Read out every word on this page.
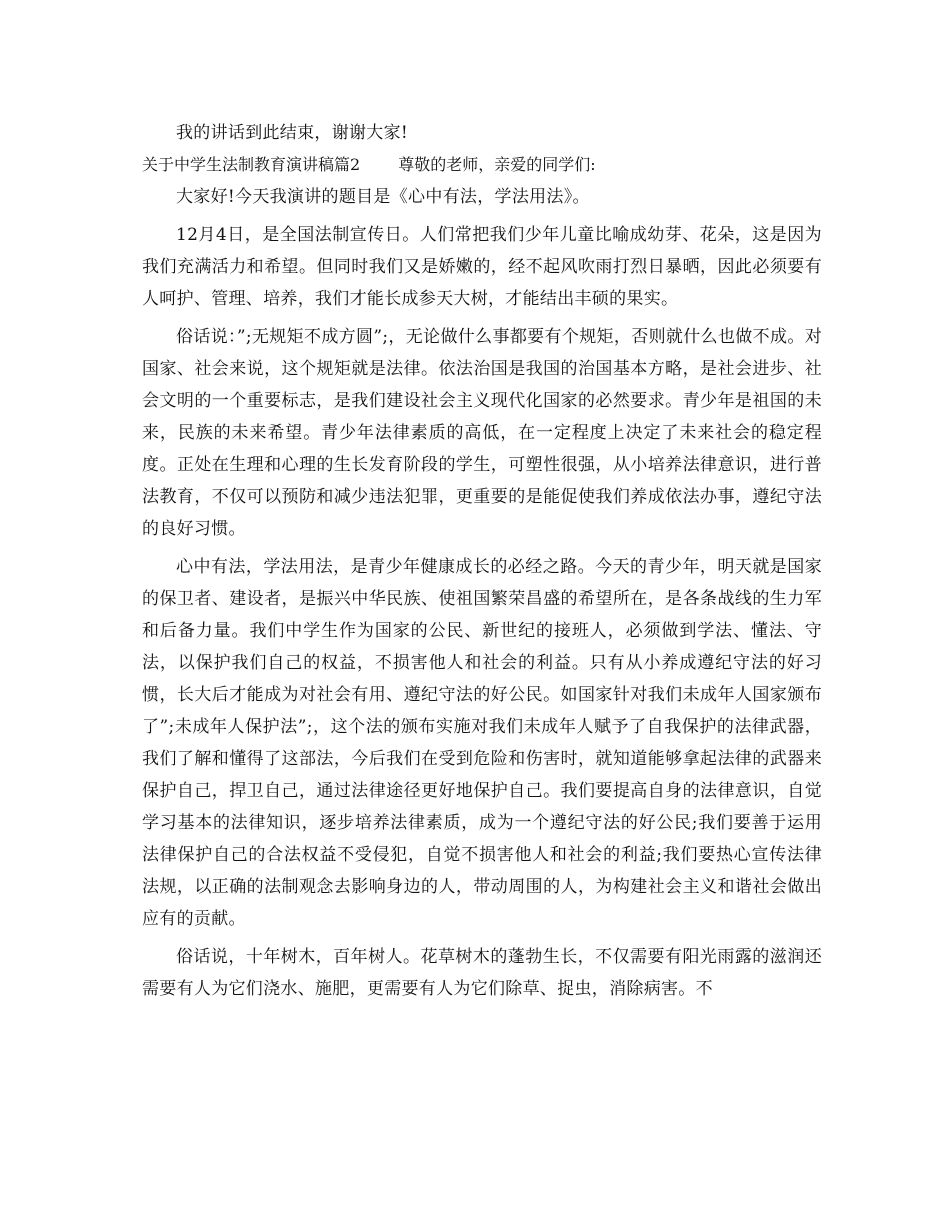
我的讲话到此结束，谢谢大家!

关于中学生法制教育演讲稿篇2 尊敬的老师，亲爱的同学们:

大家好!今天我演讲的题目是《心中有法，学法用法》。

12月4日，是全国法制宣传日。人们常把我们少年儿童比喻成幼芽、花朵，这是因为我们充满活力和希望。但同时我们又是娇嫩的，经不起风吹雨打烈日暴晒，因此必须要有人呵护、管理、培养，我们才能长成参天大树，才能结出丰硕的果实。

俗话说：”;无规矩不成方圆”;，无论做什么事都要有个规矩，否则就什么也做不成。对国家、社会来说，这个规矩就是法律。依法治国是我国的治国基本方略，是社会进步、社会文明的一个重要标志，是我们建设社会主义现代化国家的必然要求。青少年是祖国的未来，民族的未来希望。青少年法律素质的高低，在一定程度上决定了未来社会的稳定程度。正处在生理和心理的生长发育阶段的学生，可塑性很强，从小培养法律意识，进行普法教育，不仅可以预防和减少违法犯罪，更重要的是能促使我们养成依法办事，遵纪守法的良好习惯。

心中有法，学法用法，是青少年健康成长的必经之路。今天的青少年，明天就是国家的保卫者、建设者，是振兴中华民族、使祖国繁荣昌盛的希望所在，是各条战线的生力军和后备力量。我们中学生作为国家的公民、新世纪的接班人，必须做到学法、懂法、守法，以保护我们自己的权益，不损害他人和社会的利益。只有从小养成遵纪守法的好习惯，长大后才能成为对社会有用、遵纪守法的好公民。如国家针对我们未成年人国家颁布了”;未成年人保护法”;，这个法的颁布实施对我们未成年人赋予了自我保护的法律武器，我们了解和懂得了这部法，今后我们在受到危险和伤害时，就知道能够拿起法律的武器来保护自己，捍卫自己，通过法律途径更好地保护自己。我们要提高自身的法律意识，自觉学习基本的法律知识，逐步培养法律素质，成为一个遵纪守法的好公民;我们要善于运用法律保护自己的合法权益不受侵犯，自觉不损害他人和社会的利益;我们要热心宣传法律法规，以正确的法制观念去影响身边的人，带动周围的人，为构建社会主义和谐社会做出应有的贡献。

俗话说，十年树木，百年树人。花草树木的蓬勃生长，不仅需要有阳光雨露的滋润还需要有人为它们浇水、施肥，更需要有人为它们除草、捉虫，消除病害。不
